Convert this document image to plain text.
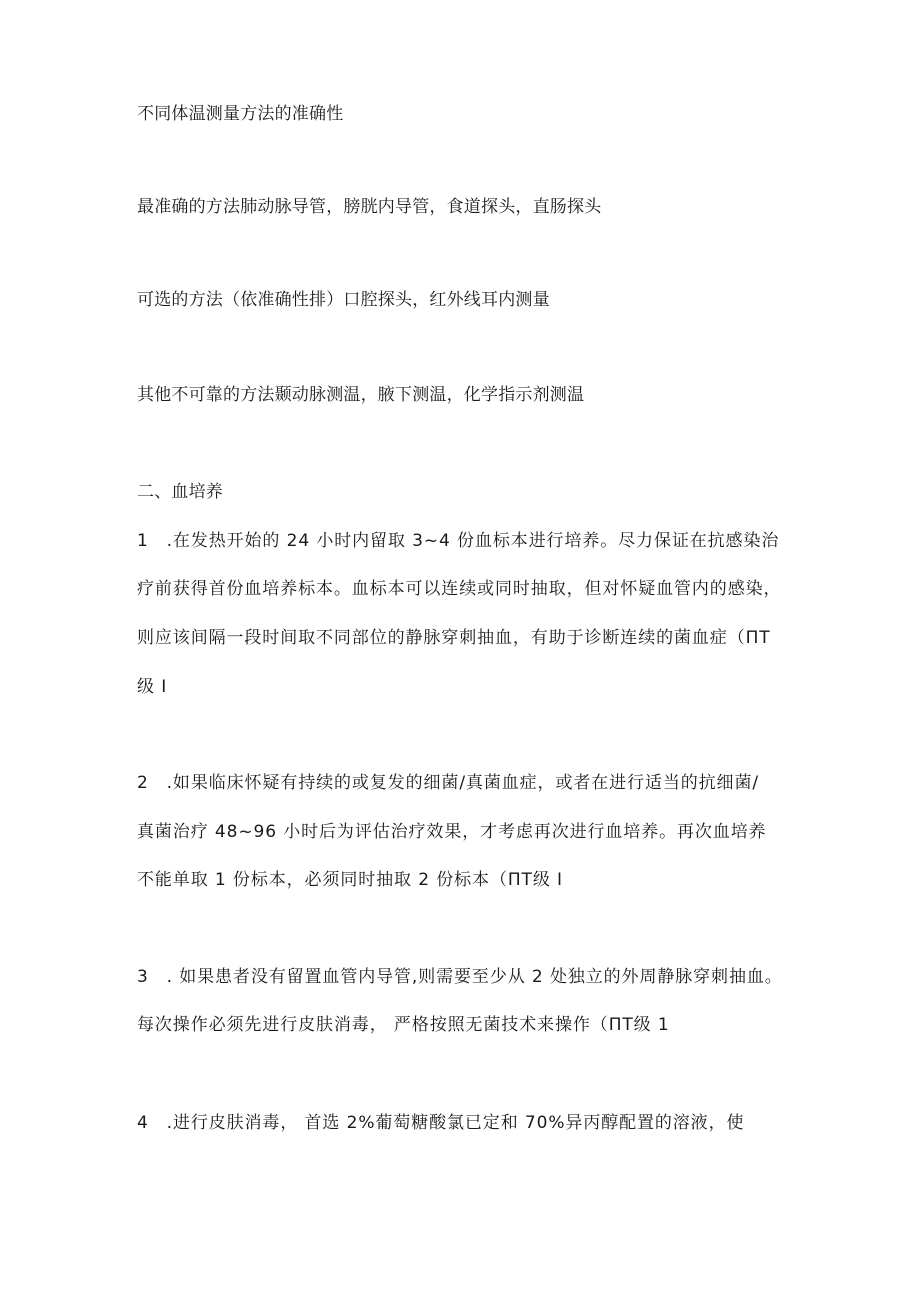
不同体温测量方法的准确性
最准确的方法肺动脉导管，膀胱内导管，食道探头，直肠探头
可选的方法（依准确性排）口腔探头，红外线耳内测量
其他不可靠的方法颞动脉测温，腋下测温，化学指示剂测温
二、血培养
1　.在发热开始的 24 小时内留取 3~4 份血标本进行培养。尽力保证在抗感染治
疗前获得首份血培养标本。血标本可以连续或同时抽取，但对怀疑血管内的感染，
则应该间隔一段时间取不同部位的静脉穿刺抽血，有助于诊断连续的菌血症（ΠΤ
级 I
2　.如果临床怀疑有持续的或复发的细菌/真菌血症，或者在进行适当的抗细菌/
真菌治疗 48~96 小时后为评估治疗效果，才考虑再次进行血培养。再次血培养
不能单取 1 份标本，必须同时抽取 2 份标本（ΠΤ级 I
3　. 如果患者没有留置血管内导管,则需要至少从 2 处独立的外周静脉穿刺抽血。
每次操作必须先进行皮肤消毒， 严格按照无菌技术来操作（ΠΤ级 1
4　.进行皮肤消毒， 首选 2%葡萄糖酸氯已定和 70%异丙醇配置的溶液，使
